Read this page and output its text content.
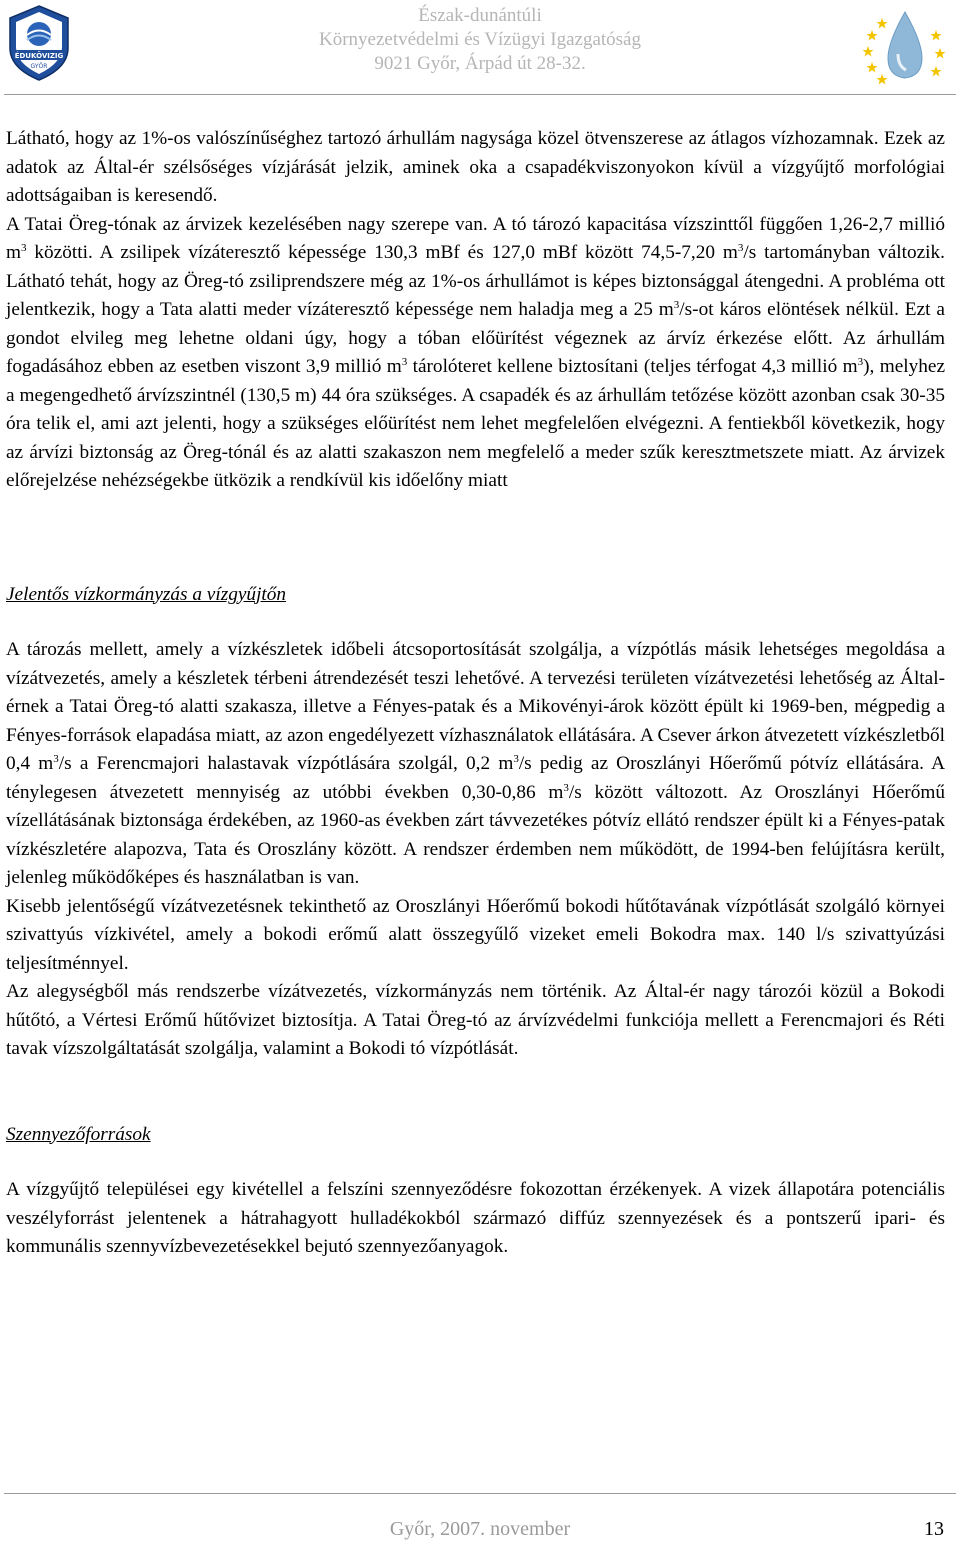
ÉDUKÖVIZIG
GYŐR
Észak-dunántúli
Környezetvédelmi és Vízügyi Igazgatóság
9021 Győr, Árpád út 28-32.

Látható, hogy az 1%-os valószínűséghez tartozó árhullám nagysága közel ötvenszerese az átlagos vízhozamnak. Ezek az adatok az Által-ér szélsőséges vízjárását jelzik, aminek oka a csapadékviszonyokon kívül a vízgyűjtő morfológiai adottságaiban is keresendő.
A Tatai Öreg-tónak az árvizek kezelésében nagy szerepe van. A tó tározó kapacitása vízszinttől függően 1,26-2,7 millió $m^3$ közötti. A zsilipek vízáteresztő képessége 130,3 mBf és 127,0 mBf között 74,5-7,20 $m^3/s$ tartományban változik. Látható tehát, hogy az Öreg-tó zsiliprendszere még az 1%-os árhullámot is képes biztonsággal átengedni. A probléma ott jelentkezik, hogy a Tata alatti meder vízáteresztő képessége nem haladja meg a 25 $m^3/s-ot$ káros elöntések nélkül. Ezt a gondot elvileg meg lehetne oldani úgy, hogy a tóban előürítést végeznek az árvíz érkezése előtt. Az árhullám fogadásához ebben az esetben viszont 3,9 millió $m^3$ tárolóteret kellene biztosítani (teljes térfogat 4,3 millió $m^3$), melyhez a megengedhető árvízszintnél (130,5 m) 44 óra szükséges. A csapadék és az árhullám tetőzése között azonban csak 30-35 óra telik el, ami azt jelenti, hogy a szükséges előürítést nem lehet megfelelően elvégezni. A fentiekből következik, hogy az árvízi biztonság az Öreg-tónál és az alatti szakaszon nem megfelelő a meder szűk keresztmetszete miatt. Az árvizek előrejelzése nehézségekbe ütközik a rendkívül kis időelőny miatt

Jelentős vízkormányzás a vízgyűjtőn

A tározás mellett, amely a vízkészletek időbeli átcsoportosítását szolgálja, a vízpótlás másik lehetséges megoldása a vízátvezetés, amely a készletek térbeni átrendezését teszi lehetővé. A tervezési területen vízátvezetési lehetőség az Által-érnek a Tatai Öreg-tó alatti szakasza, illetve a Fényes-patak és a Mikovényi-árok között épült ki 1969-ben, mégpedig a Fényes-források elapadása miatt, az azon engedélyezett vízhasználatok ellátására. A Csever árkon átvezetett vízkészletből 0,4 $m^3/s$ a Ferencmajori halastavak vízpótlására szolgál, 0,2 $m^3/s$ pedig az Oroszlányi Hőerőmű pótvíz ellátására. A ténylegesen átvezetett mennyiség az utóbbi években 0,30-0,86 $m^3/s$ között változott. Az Oroszlányi Hőerőmű vízellátásának biztonsága érdekében, az 1960-as években zárt távvezetékes pótvíz ellátó rendszer épült ki a Fényes-patak vízkészletére alapozva, Tata és Oroszlány között. A rendszer érdemben nem működött, de 1994-ben felújításra került, jelenleg működőképes és használatban is van.

Kisebb jelentőségű vízátvezetésnek tekinthető az Oroszlányi Hőerőmű bokodi hűtőtavának vízpótlását szolgáló környei szivattyús vízkivétel, amely a bokodi erőmű alatt összegyűlő vizeket emeli Bokodra max. 140 l/s szivattyúzási teljesítménnyel.

Az alegységből más rendszerbe vízátvezetés, vízkormányzás nem történik. Az Által-ér nagy tározói közül a Bokodi hűtőtó, a Vértesi Erőmű hűtővizet biztosítja. A Tatai Öreg-tó az árvízvédelmi funkciója mellett a Ferencmajori és Réti tavak vízszolgáltatását szolgálja, valamint a Bokodi tó vízpótlását.

Szennyezőforrások

A vízgyűjtő települései egy kivétellel a felszíni szennyeződésre fokozottan érzékenyek. A vizek állapotára potenciális veszélyforrást jelentenek a hátrahagyott hulladékokból származó diffúz szennyezések és a pontszerű ipari- és kommunális szennyvízbevezetésekkel bejutó szennyezőanyagok.

Győr, 2007. november	13
